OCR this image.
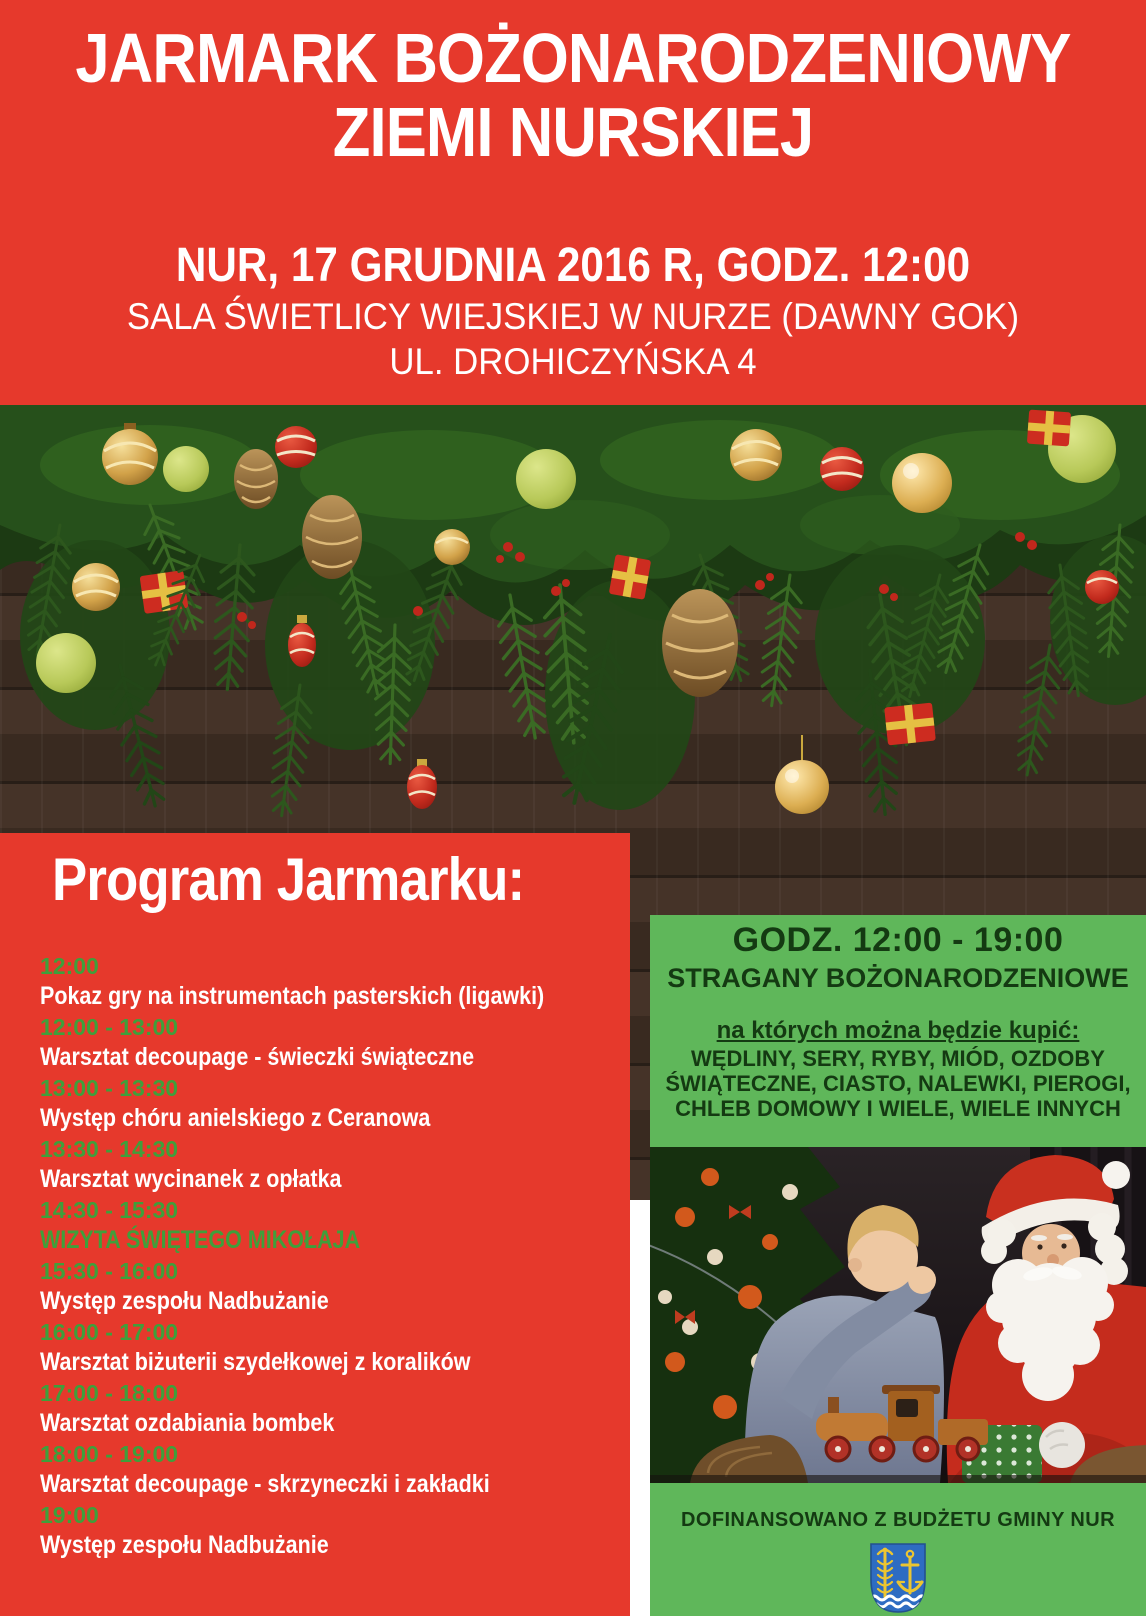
JARMARK BOŻONARODZENIOWY
ZIEMI NURSKIEJ
NUR, 17 GRUDNIA 2016 R, GODZ. 12:00
SALA ŚWIETLICY WIEJSKIEJ W NURZE (DAWNY GOK)
UL. DROHICZYŃSKA 4
Program Jarmarku:
12:00
Pokaz gry na instrumentach pasterskich (ligawki)
12:00 - 13:00
Warsztat decoupage - świeczki świąteczne
13:00 - 13:30
Występ chóru anielskiego z Ceranowa
13:30 - 14:30
Warsztat wycinanek z opłatka
14:30 - 15:30
WIZYTA ŚWIĘTEGO MIKOŁAJA
15:30 - 16:00
Występ zespołu Nadbużanie
16:00 - 17:00
Warsztat biżuterii szydełkowej z koralików
17:00 - 18:00
Warsztat ozdabiania bombek
18:00 - 19:00
Warsztat decoupage - skrzyneczki i zakładki
19:00
Występ zespołu Nadbużanie
GODZ. 12:00 - 19:00
STRAGANY BOŻONARODZENIOWE
na których można będzie kupić:
WĘDLINY, SERY, RYBY, MIÓD, OZDOBY ŚWIĄTECZNE, CIASTO, NALEWKI, PIEROGI, CHLEB DOMOWY I WIELE, WIELE INNYCH
DOFINANSOWANO Z BUDŻETU GMINY NUR
